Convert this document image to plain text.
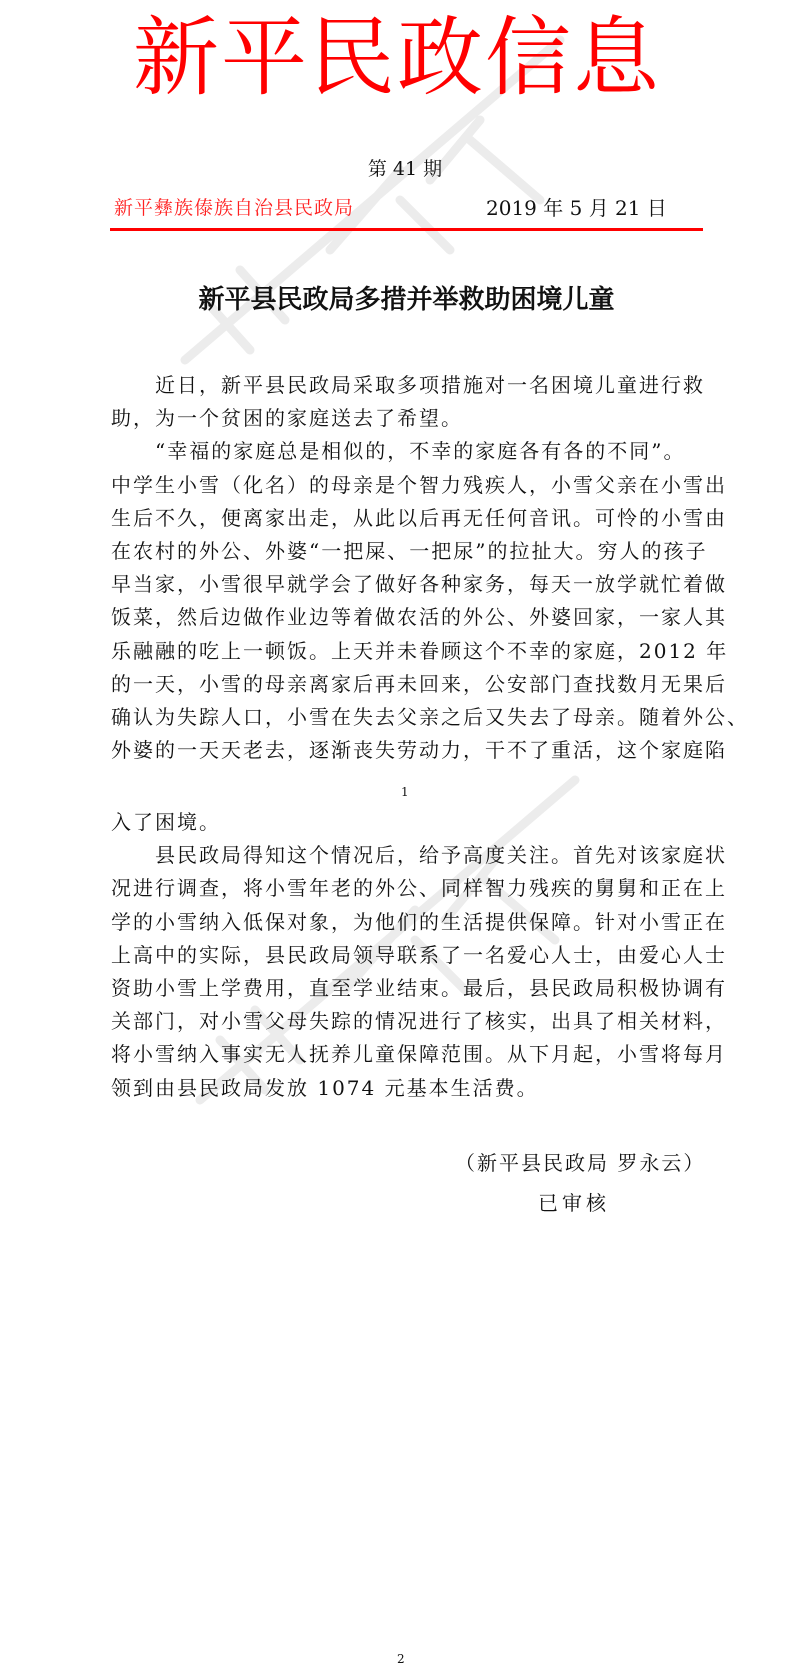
新平民政信息
第 41 期
新平彝族傣族自治县民政局	2019 年 5 月 21 日
新平县民政局多措并举救助困境儿童
　　近日，新平县民政局采取多项措施对一名困境儿童进行救
助，为一个贫困的家庭送去了希望。
　　“幸福的家庭总是相似的，不幸的家庭各有各的不同”。
中学生小雪（化名）的母亲是个智力残疾人，小雪父亲在小雪出
生后不久，便离家出走，从此以后再无任何音讯。可怜的小雪由
在农村的外公、外婆“一把屎、一把尿”的拉扯大。穷人的孩子
早当家，小雪很早就学会了做好各种家务，每天一放学就忙着做
饭菜，然后边做作业边等着做农活的外公、外婆回家，一家人其
乐融融的吃上一顿饭。上天并未眷顾这个不幸的家庭，2012 年
的一天，小雪的母亲离家后再未回来，公安部门查找数月无果后
确认为失踪人口，小雪在失去父亲之后又失去了母亲。随着外公、
外婆的一天天老去，逐渐丧失劳动力，干不了重活，这个家庭陷
1
入了困境。
　　县民政局得知这个情况后，给予高度关注。首先对该家庭状
况进行调查，将小雪年老的外公、同样智力残疾的舅舅和正在上
学的小雪纳入低保对象，为他们的生活提供保障。针对小雪正在
上高中的实际，县民政局领导联系了一名爱心人士，由爱心人士
资助小雪上学费用，直至学业结束。最后，县民政局积极协调有
关部门，对小雪父母失踪的情况进行了核实，出具了相关材料，
将小雪纳入事实无人抚养儿童保障范围。从下月起，小雪将每月
领到由县民政局发放 1074 元基本生活费。
（新平县民政局 罗永云）
已审核
2
